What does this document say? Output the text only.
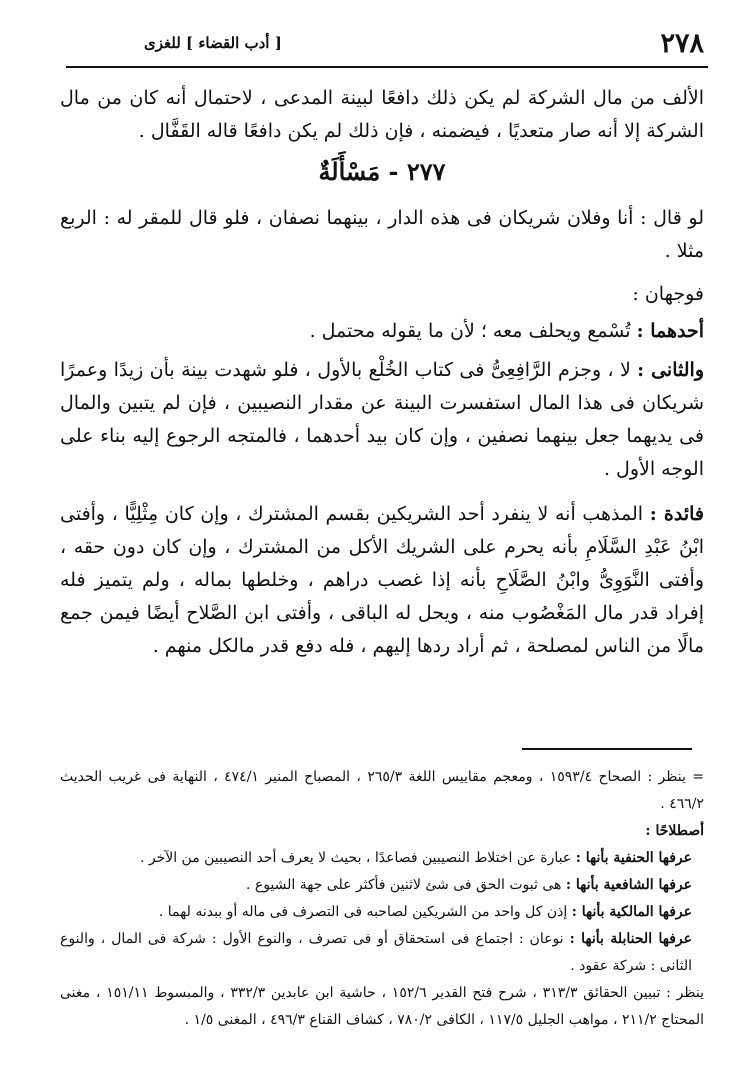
٢٧٨
[ أدب القضاء ] للغزى

الألف من مال الشركة لم يكن ذلك دافعًا لبينة المدعى ، لاحتمال أنه كان من مال الشركة إلا أنه صار متعديًا ، فيضمنه ، فإن ذلك لم يكن دافعًا قاله القَفَّال .

٢٧٧ - مَسْأَلَةٌ

لو قال : أنا وفلان شريكان فى هذه الدار ، بينهما نصفان ، فلو قال للمقر له : الربع مثلا .

فوجهان :

أحدهما : تُسْمع ويحلف معه ؛ لأن ما يقوله محتمل .

والثانى : لا ، وجزم الرَّافِعِىُّ فى كتاب الخُلْع بالأول ، فلو شهدت بينة بأن زيدًا وعمرًا شريكان فى هذا المال استفسرت البينة عن مقدار النصيبين ، فإن لم يتبين والمال فى يديهما جعل بينهما نصفين ، وإن كان بيد أحدهما ، فالمتجه الرجوع إليه بناء على الوجه الأول .

فائدة : المذهب أنه لا ينفرد أحد الشريكين بقسم المشترك ، وإن كان مِثْلِيًّا ، وأفتى ابْنُ عَبْدِ السَّلَامِ بأنه يحرم على الشريك الأكل من المشترك ، وإن كان دون حقه ، وأفتى النَّوَوِىُّ وابْنُ الصَّلَاحِ بأنه إذا غصب دراهم ، وخلطها بماله ، ولم يتميز فله إفراد قدر مال المَغْصُوب منه ، ويحل له الباقى ، وأفتى ابن الصَّلاح أيضًا فيمن جمع مالًا من الناس لمصلحة ، ثم أراد ردها إليهم ، فله دفع قدر مالكل منهم .

= ينظر : الصحاح ١٥٩٣/٤ ، ومعجم مقاييس اللغة ٢٦٥/٣ ، المصباح المنير ٤٧٤/١ ، النهاية فى غريب الحديث ٤٦٦/٢ .

أصطلاحًا :

عرفها الحنفية بأنها : عبارة عن اختلاط النصيبين فصاعدًا ، بحيث لا يعرف أحد النصيبين من الآخر .

عرفها الشافعية بأنها : هى ثبوت الحق فى شئ لاثنين فأكثر على جهة الشيوع .

عرفها المالكية بأنها : إذن كل واحد من الشريكين لصاحبه فى التصرف فى ماله أو ببدنه لهما .

عرفها الحنابلة بأنها : نوعان : اجتماع فى استحقاق أو فى تصرف ، والنوع الأول : شركة فى المال ، والنوع الثانى : شركة عقود .

ينظر : تبيين الحقائق ٣١٣/٣ ، شرح فتح القدير ١٥٢/٦ ، حاشية ابن عابدين ٣٣٢/٣ ، والمبسوط ١٥١/١١ ، مغنى المحتاج ٢١١/٢ ، مواهب الجليل ١١٧/٥ ، الكافى ٧٨٠/٢ ، كشاف القناع ٤٩٦/٣ ، المغنى ١/٥ .
